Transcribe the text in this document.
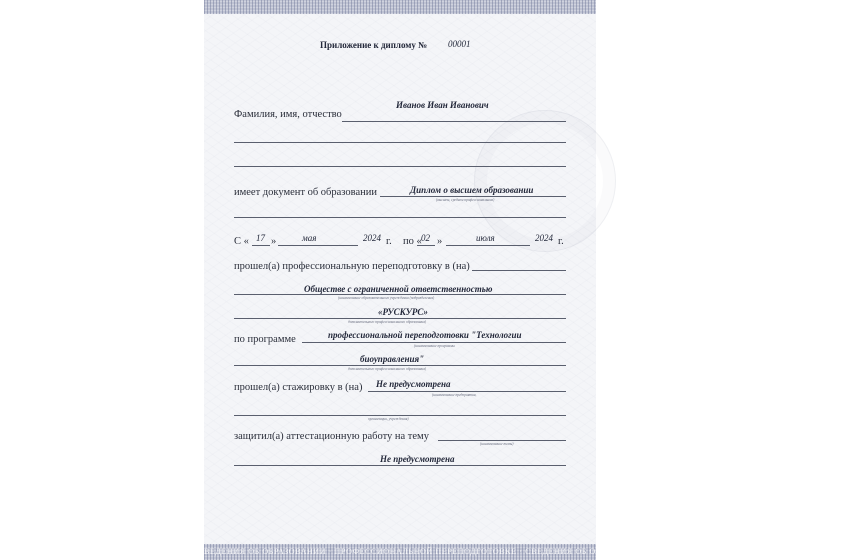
Приложение к диплому № 00001
Иванов Иван Иванович
Фамилия, имя, отчество
Диплом о высшем образовании
имеет документ об образовании
(высшем, среднем профессиональном)
С « 17 »	мая	2024 г. по « 02 »	июля	2024 г.
прошел(а) профессиональную переподготовку в (на)
Обществе с ограниченной ответственностью
(наименование образовательного учреждения (подразделения)
«РУСКУРС»
дополнительного профессионального образования)
профессиональной переподготовки "Технологии
по программе
(наименование программы
биоуправления"
дополнительного профессионального образования)
прошел(а) стажировку в (на) Не предусмотрена
(наименование предприятия,
организации, учреждения)
защитил(а) аттестационную работу на тему
(наименование темы)
Не предусмотрена
ВЕДЕНИЯ ОБ ОБРАЗОВАНИИ · ПРОФЕССИОНАЛЬНОЙ ПЕРЕПОДГОТОВКЕ · СВЕДЕНИЯ ОБ ОБРАЗОВАНИИ · ПРОФЕССИОНАЛЬНОЙ ПЕРЕПОДГОТОВКЕ
